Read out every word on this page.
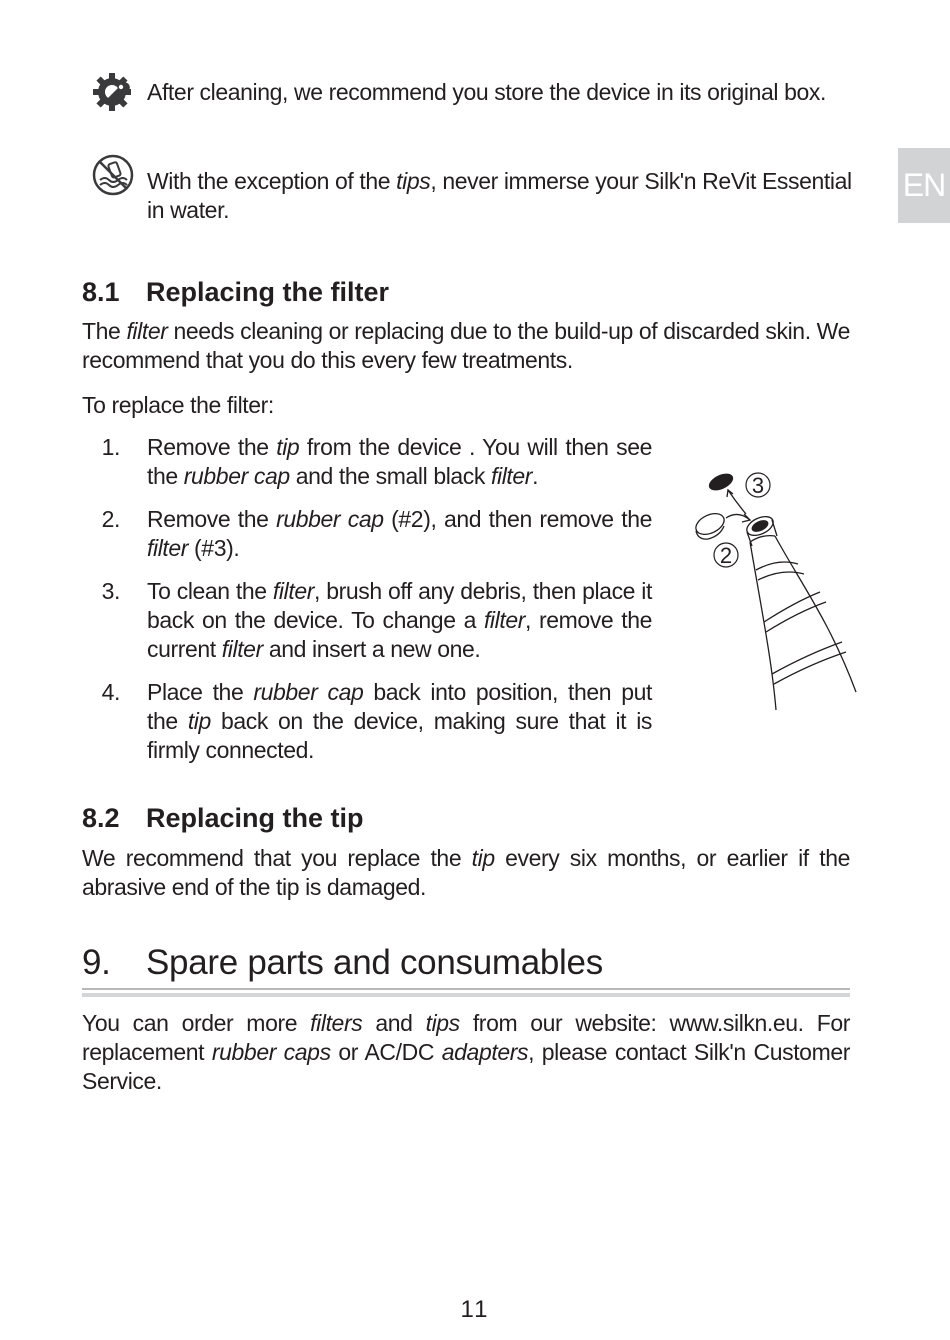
EN
After cleaning, we recommend you store the device in its original box.
With the exception of the tips, never immerse your Silk'n ReVit Essential in water.
8.1 Replacing the filter
The filter needs cleaning or replacing due to the build-up of discarded skin. We recommend that you do this every few treatments.
To replace the filter:
1. Remove the tip from the device . You will then see the rubber cap and the small black filter.
2. Remove the rubber cap (#2), and then remove the filter (#3).
3. To clean the filter, brush off any debris, then place it back on the device. To change a filter, remove the current filter and insert a new one.
4. Place the rubber cap back into position, then put the tip back on the device, making sure that it is firmly connected.
3
2
8.2 Replacing the tip
We recommend that you replace the tip every six months, or earlier if the abrasive end of the tip is damaged.
9. Spare parts and consumables
You can order more filters and tips from our website: www.silkn.eu. For replacement rubber caps or AC/DC adapters, please contact Silk'n Customer Service.
11
